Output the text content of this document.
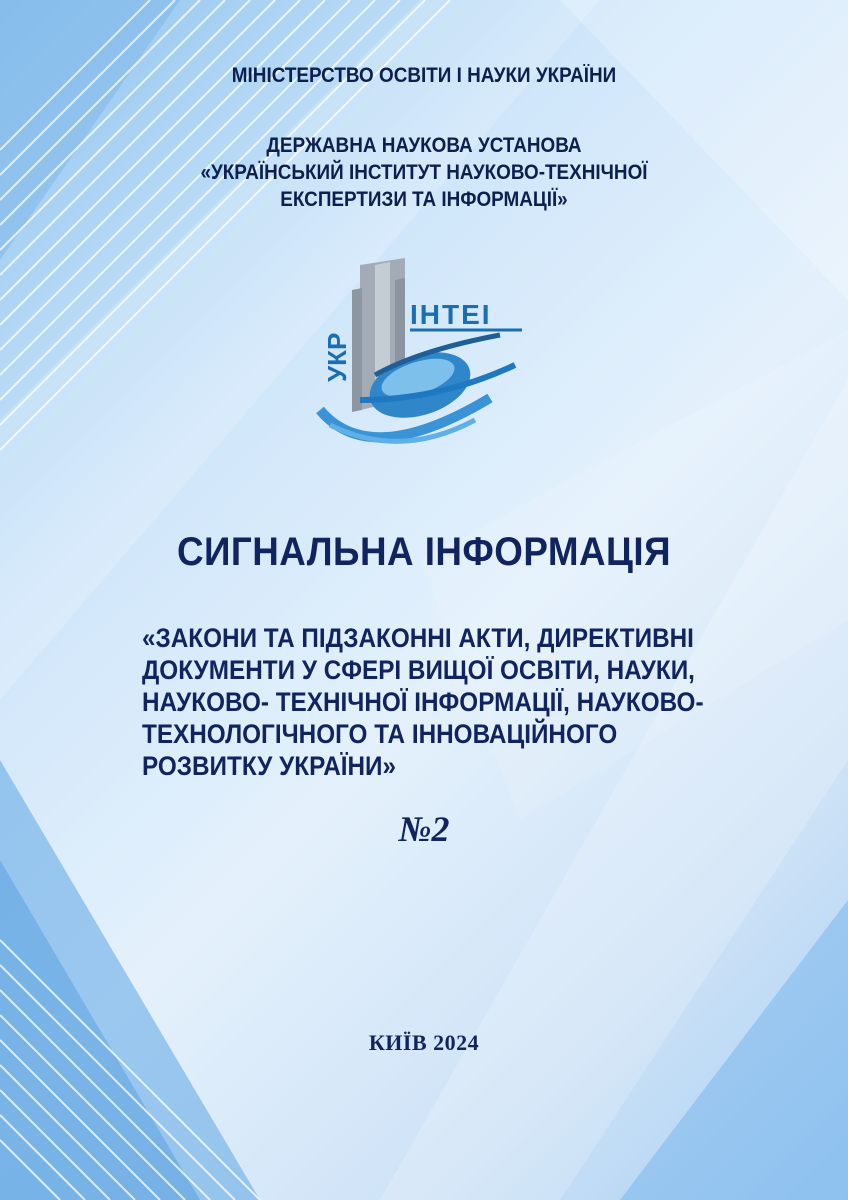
МІНІСТЕРСТВО ОСВІТИ І НАУКИ УКРАЇНИ
ДЕРЖАВНА НАУКОВА УСТАНОВА
«УКРАЇНСЬКИЙ ІНСТИТУТ НАУКОВО-ТЕХНІЧНОЇ
ЕКСПЕРТИЗИ ТА ІНФОРМАЦІЇ»
УКР
ІНТЕІ
СИГНАЛЬНА ІНФОРМАЦІЯ
«ЗАКОНИ ТА ПІДЗАКОННІ АКТИ, ДИРЕКТИВНІ
ДОКУМЕНТИ У СФЕРІ ВИЩОЇ ОСВІТИ, НАУКИ,
НАУКОВО- ТЕХНІЧНОЇ ІНФОРМАЦІЇ, НАУКОВО-
ТЕХНОЛОГІЧНОГО ТА ІННОВАЦІЙНОГО
РОЗВИТКУ УКРАЇНИ»
№2
КИЇВ 2024
